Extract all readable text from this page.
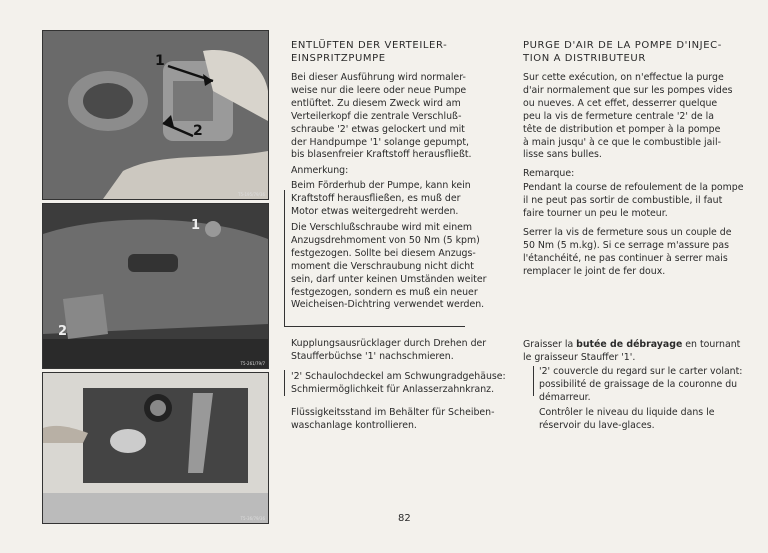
1
2
T5-195/79/36
1
2
T5-261/79/7
T5-36/79/36
ENTLÜFTEN DER VERTEILER-
EINSPRITZPUMPE

Bei dieser Ausführung wird normaler-
weise nur die leere oder neue Pumpe
entlüftet. Zu diesem Zweck wird am
Verteilerkopf die zentrale Verschluß-
schraube '2' etwas gelockert und mit
der Handpumpe '1' solange gepumpt,
bis blasenfreier Kraftstoff herausfließt.

Anmerkung:

Beim Förderhub der Pumpe, kann kein
Kraftstoff herausfließen, es muß der
Motor etwas weitergedreht werden.

Die Verschlußschraube wird mit einem
Anzugsdrehmoment von 50 Nm (5 kpm)
festgezogen. Sollte bei diesem Anzugs-
moment die Verschraubung nicht dicht
sein, darf unter keinen Umständen weiter
festgezogen, sondern es muß ein neuer
Weicheisen-Dichtring verwendet werden.

Kupplungsausrücklager durch Drehen der
Staufferbüchse '1' nachschmieren.

'2' Schaulochdeckel am Schwungradgehäuse:
Schmiermöglichkeit für Anlasserzahnkranz.

Flüssigkeitsstand im Behälter für Scheiben-
waschanlage kontrollieren.

PURGE D'AIR DE LA POMPE D'INJEC-
TION A DISTRIBUTEUR

Sur cette exécution, on n'effectue la purge
d'air normalement que sur les pompes vides
ou nueves. A cet effet, desserrer quelque
peu la vis de fermeture centrale '2' de la
tête de distribution et pomper à la pompe
à main jusqu' à ce que le combustible jail-
lisse sans bulles.

Remarque:

Pendant la course de refoulement de la pompe
il ne peut pas sortir de combustible, il faut
faire tourner un peu le moteur.

Serrer la vis de fermeture sous un couple de
50 Nm (5 m.kg). Si ce serrage m'assure pas
l'étanchéité, ne pas continuer à serrer mais
remplacer le joint de fer doux.

Graisser la butée de débrayage en tournant
le graisseur Stauffer '1'.

'2' couvercle du regard sur le carter volant:
possibilité de graissage de la couronne du
démarreur.

Contrôler le niveau du liquide dans le
réservoir du lave-glaces.

82
